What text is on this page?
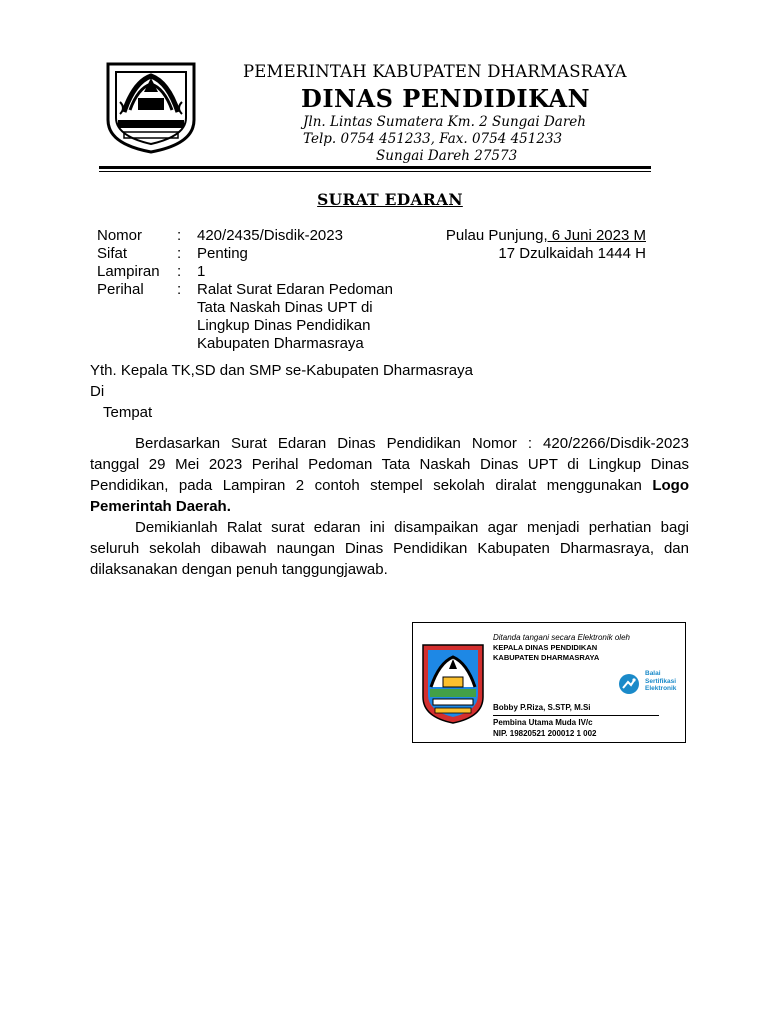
PEMERINTAH KABUPATEN DHARMASRAYA
DINAS PENDIDIKAN
Jln. Lintas Sumatera Km. 2 Sungai Dareh
Telp. 0754 451233, Fax. 0754 451233
Sungai Dareh 27573
SURAT EDARAN
Nomor	:	420/2435/Disdik-2023
Sifat	:	Penting
Lampiran	:	1
Perihal	:	Ralat Surat Edaran Pedoman Tata Naskah Dinas UPT di Lingkup Dinas Pendidikan Kabupaten Dharmasraya
Pulau Punjung, 6 Juni 2023 M
17 Dzulkaidah 1444 H
Yth. Kepala TK,SD dan SMP se-Kabupaten Dharmasraya
Di
Tempat

Berdasarkan Surat Edaran Dinas Pendidikan Nomor : 420/2266/Disdik-2023 tanggal 29 Mei 2023 Perihal Pedoman Tata Naskah Dinas UPT di Lingkup Dinas Pendidikan, pada Lampiran 2 contoh stempel sekolah diralat menggunakan Logo Pemerintah Daerah.

Demikianlah Ralat surat edaran ini disampaikan agar menjadi perhatian bagi seluruh sekolah dibawah naungan Dinas Pendidikan Kabupaten Dharmasraya, dan dilaksanakan dengan penuh tanggungjawab.

Ditanda tangani secara Elektronik oleh
KEPALA DINAS PENDIDIKAN
KABUPATEN DHARMASRAYA
Balai
Sertifikasi
Elektronik
Bobby P.Riza, S.STP, M.Si
Pembina Utama Muda IV/c
NIP. 19820521 200012 1 002
